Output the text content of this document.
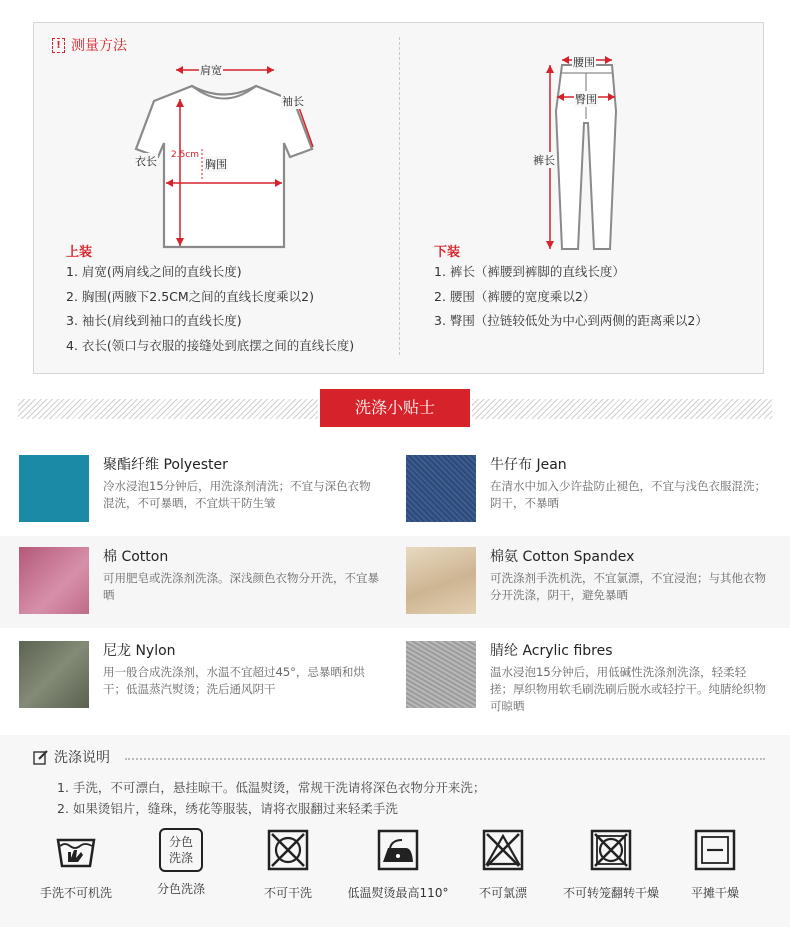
! 测量方法
肩宽
袖长
衣长 2.5cm
胸围
上装
1. 肩宽(两肩线之间的直线长度)
2. 胸围(两腋下2.5CM之间的直线长度乘以2)
3. 袖长(肩线到袖口的直线长度)
4. 衣长(领口与衣服的接缝处到底摆之间的直线长度)
腰围
臀围
裤长
下装
1. 裤长（裤腰到裤脚的直线长度）
2. 腰围（裤腰的宽度乘以2）
3. 臀围（拉链较低处为中心到两侧的距离乘以2）
洗涤小贴士
聚酯纤维 Polyester
冷水浸泡15分钟后，用洗涤剂清洗；不宜与深色衣物混洗，不可暴晒，不宜烘干防生皱
牛仔布 Jean
在清水中加入少许盐防止褪色，不宜与浅色衣服混洗；阴干，不暴晒
棉 Cotton
可用肥皂或洗涤剂洗涤。深浅颜色衣物分开洗，不宜暴晒
棉氨 Cotton Spandex
可洗涤剂手洗机洗，不宜氯漂，不宜浸泡；与其他衣物分开洗涤，阴干，避免暴晒
尼龙 Nylon
用一般合成洗涤剂，水温不宜超过45°，忌暴晒和烘干；低温蒸汽熨烫；洗后通风阴干
腈纶 Acrylic fibres
温水浸泡15分钟后，用低碱性洗涤剂洗涤，轻柔轻搓；厚织物用软毛刷洗刷后脱水或轻拧干。纯腈纶织物可晾晒
洗涤说明
1. 手洗，不可漂白，悬挂晾干。低温熨烫，常规干洗请将深色衣物分开来洗；
2. 如果烫铝片，缝珠，绣花等服装，请将衣服翻过来轻柔手洗
手洗不可机洗
分色
洗涤
分色洗涤	不可干洗	低温熨烫最高110°	不可氯漂	不可转笼翻转干燥	平摊干燥
